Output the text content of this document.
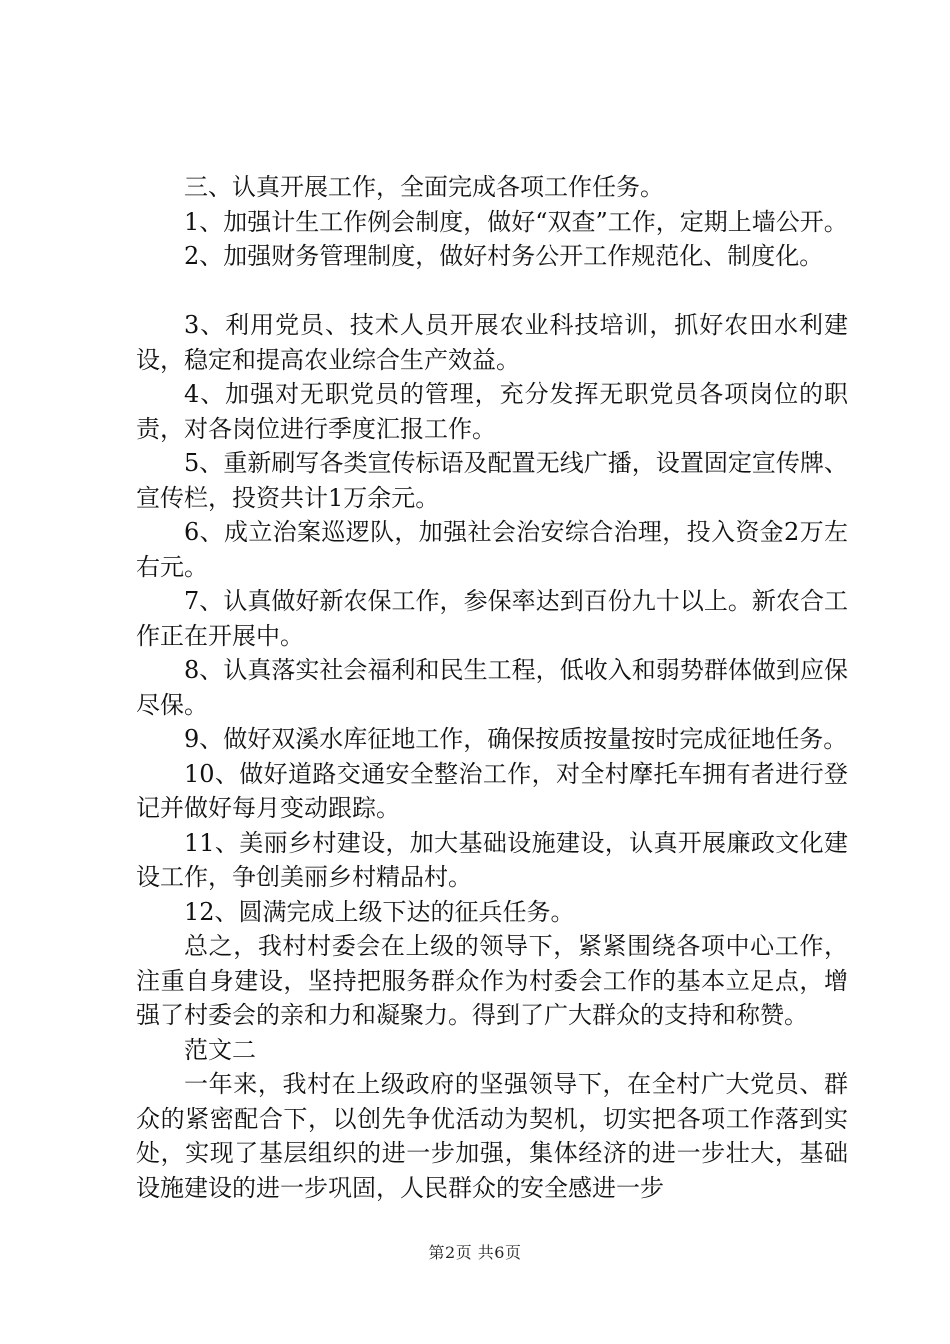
三、认真开展工作，全面完成各项工作任务。

1、加强计生工作例会制度，做好“双查”工作，定期上墙公开。

2、加强财务管理制度，做好村务公开工作规范化、制度化。

3、利用党员、技术人员开展农业科技培训，抓好农田水利建设，稳定和提高农业综合生产效益。

4、加强对无职党员的管理，充分发挥无职党员各项岗位的职责，对各岗位进行季度汇报工作。

5、重新刷写各类宣传标语及配置无线广播，设置固定宣传牌、宣传栏，投资共计1万余元。

6、成立治案巡逻队，加强社会治安综合治理，投入资金2万左右元。

7、认真做好新农保工作，参保率达到百份九十以上。新农合工作正在开展中。

8、认真落实社会福利和民生工程，低收入和弱势群体做到应保尽保。

9、做好双溪水库征地工作，确保按质按量按时完成征地任务。

10、做好道路交通安全整治工作，对全村摩托车拥有者进行登记并做好每月变动跟踪。

11、美丽乡村建设，加大基础设施建设，认真开展廉政文化建设工作，争创美丽乡村精品村。

12、圆满完成上级下达的征兵任务。

总之，我村村委会在上级的领导下，紧紧围绕各项中心工作，注重自身建设，坚持把服务群众作为村委会工作的基本立足点，增强了村委会的亲和力和凝聚力。得到了广大群众的支持和称赞。

范文二

一年来，我村在上级政府的坚强领导下，在全村广大党员、群众的紧密配合下，以创先争优活动为契机，切实把各项工作落到实处，实现了基层组织的进一步加强，集体经济的进一步壮大，基础设施建设的进一步巩固，人民群众的安全感进一步

第2页 共6页
